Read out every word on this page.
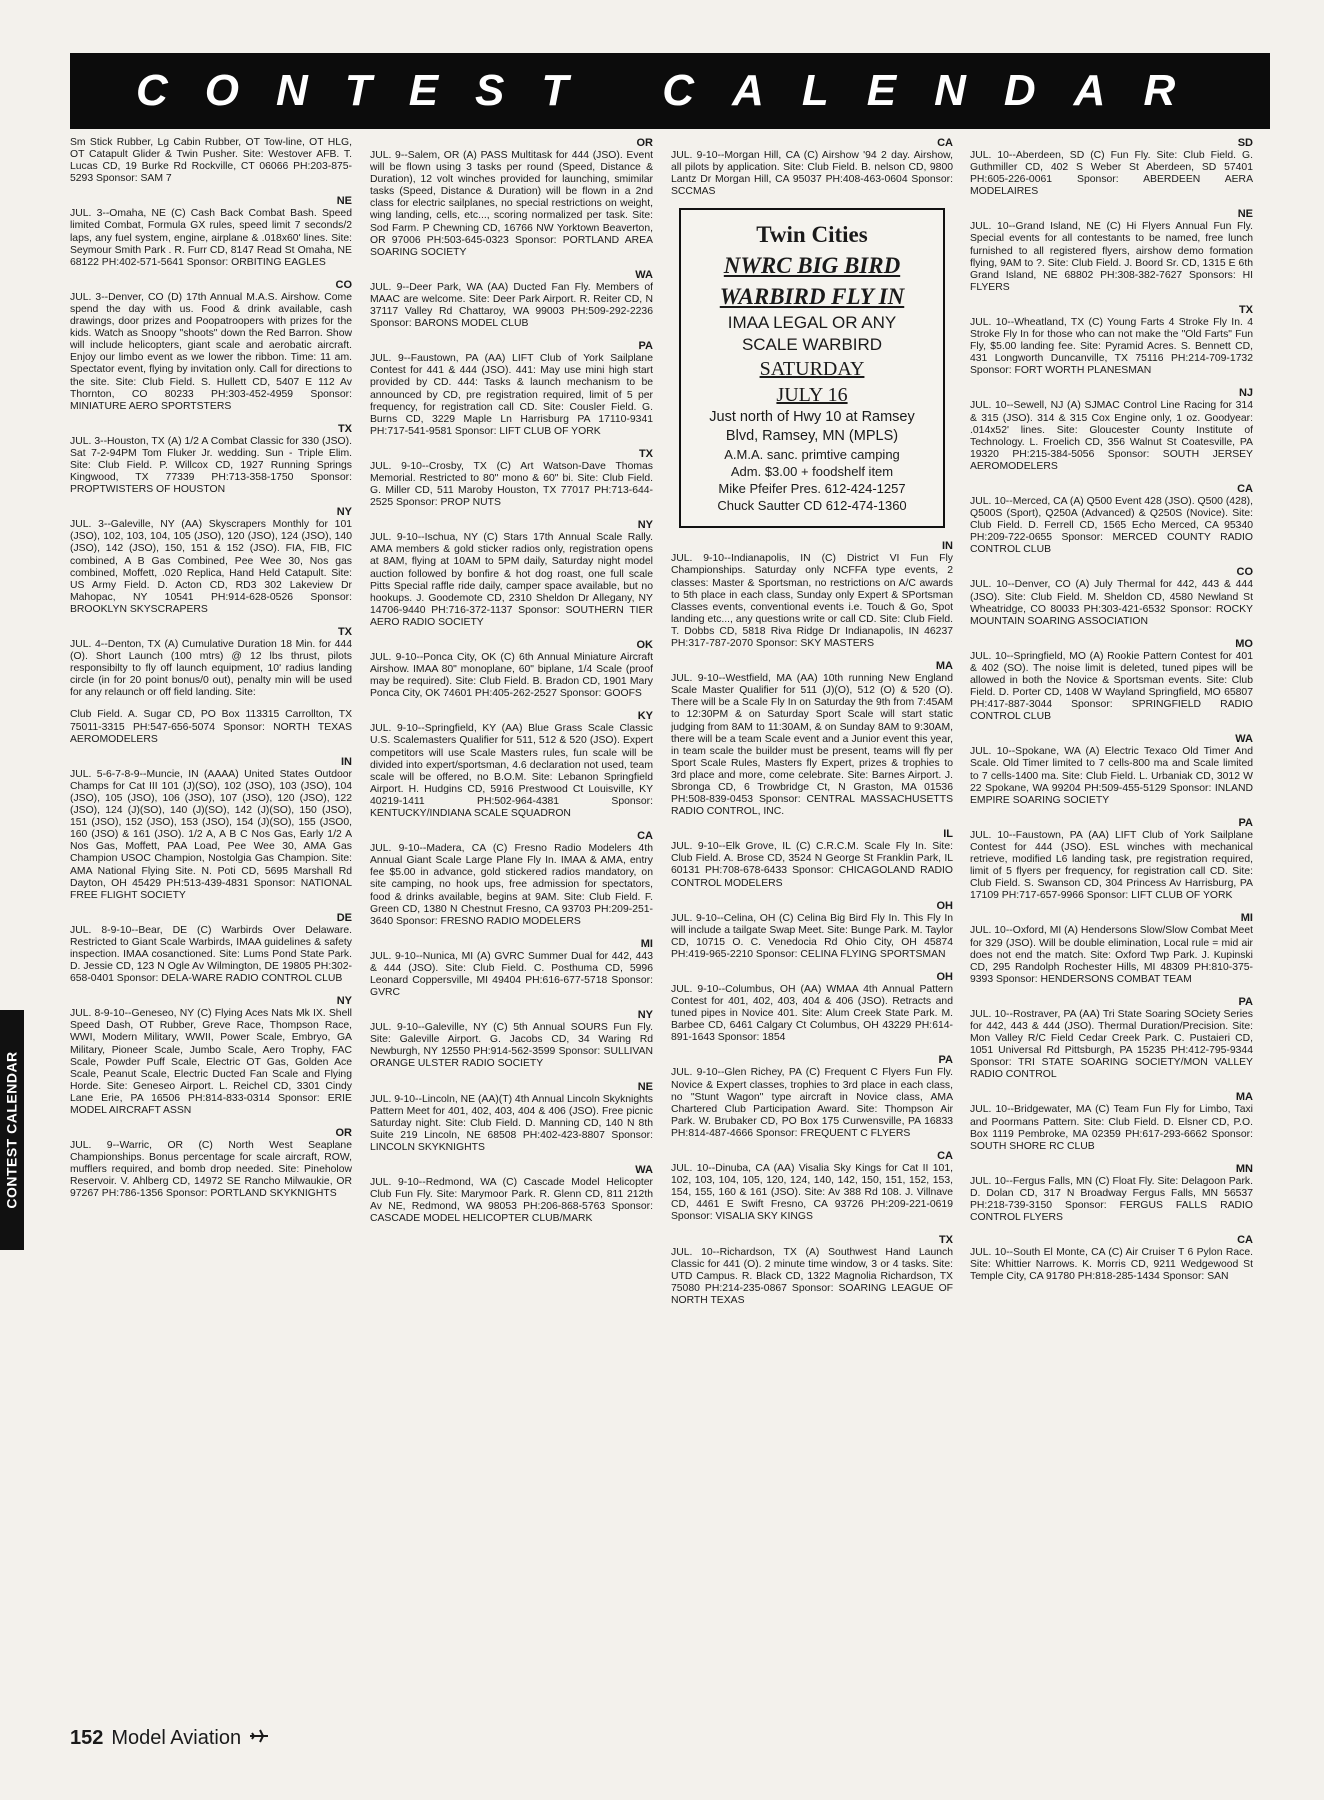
C O N T E S T C A L E N D A R
CONTEST CALENDAR
Sm Stick Rubber, Lg Cabin Rubber, OT Tow-line, OT HLG, OT Catapult Glider & Twin Pusher. Site: Westover AFB. T. Lucas CD, 19 Burke Rd Rockville, CT 06066 PH:203-875-5293 Sponsor: SAM 7
NE
JUL. 3--Omaha, NE (C) Cash Back Combat Bash. Speed limited Combat, Formula GX rules, speed limit 7 seconds/2 laps, any fuel system, engine, airplane & .018x60' lines. Site: Seymour Smith Park . R. Furr CD, 8147 Read St Omaha, NE 68122 PH:402-571-5641 Sponsor: ORBITING EAGLES
CO
JUL. 3--Denver, CO (D) 17th Annual M.A.S. Airshow. Come spend the day with us. Food & drink available, cash drawings, door prizes and Poopatroopers with prizes for the kids. Watch as Snoopy "shoots" down the Red Barron. Show will include helicopters, giant scale and aerobatic aircraft. Enjoy our limbo event as we lower the ribbon. Time: 11 am. Spectator event, flying by invitation only. Call for directions to the site. Site: Club Field. S. Hullett CD, 5407 E 112 Av Thornton, CO 80233 PH:303-452-4959 Sponsor: MINIATURE AERO SPORTSTERS
TX
JUL. 3--Houston, TX (A) 1/2 A Combat Classic for 330 (JSO). Sat 7-2-94PM Tom Fluker Jr. wedding. Sun - Triple Elim. Site: Club Field. P. Willcox CD, 1927 Running Springs Kingwood, TX 77339 PH:713-358-1750 Sponsor: PROPTWISTERS OF HOUSTON
NY
JUL. 3--Galeville, NY (AA) Skyscrapers Monthly for 101 (JSO), 102, 103, 104, 105 (JSO), 120 (JSO), 124 (JSO), 140 (JSO), 142 (JSO), 150, 151 & 152 (JSO). FIA, FIB, FIC combined, A B Gas Combined, Pee Wee 30, Nos gas combined, Moffett, .020 Replica, Hand Held Catapult. Site: US Army Field. D. Acton CD, RD3 302 Lakeview Dr Mahopac, NY 10541 PH:914-628-0526 Sponsor: BROOKLYN SKYSCRAPERS
TX
JUL. 4--Denton, TX (A) Cumulative Duration 18 Min. for 444 (O). Short Launch (100 mtrs) @ 12 lbs thrust, pilots responsibilty to fly off launch equipment, 10' radius landing circle (in for 20 point bonus/0 out), penalty min will be used for any relaunch or off field landing. Site:
Club Field. A. Sugar CD, PO Box 113315 Carrollton, TX 75011-3315 PH:547-656-5074 Sponsor: NORTH TEXAS AEROMODELERS
IN
JUL. 5-6-7-8-9--Muncie, IN (AAAA) United States Outdoor Champs for Cat III 101 (J)(SO), 102 (JSO), 103 (JSO), 104 (JSO), 105 (JSO), 106 (JSO), 107 (JSO), 120 (JSO), 122 (JSO), 124 (J)(SO), 140 (J)(SO), 142 (J)(SO), 150 (JSO), 151 (JSO), 152 (JSO), 153 (JSO), 154 (J)(SO), 155 (JSO0, 160 (JSO) & 161 (JSO). 1/2 A, A B C Nos Gas, Early 1/2 A Nos Gas, Moffett, PAA Load, Pee Wee 30, AMA Gas Champion USOC Champion, Nostolgia Gas Champion. Site: AMA National Flying Site. N. Poti CD, 5695 Marshall Rd Dayton, OH 45429 PH:513-439-4831 Sponsor: NATIONAL FREE FLIGHT SOCIETY
DE
JUL. 8-9-10--Bear, DE (C) Warbirds Over Delaware. Restricted to Giant Scale Warbirds, IMAA guidelines & safety inspection. IMAA cosanctioned. Site: Lums Pond State Park. D. Jessie CD, 123 N Ogle Av Wilmington, DE 19805 PH:302-658-0401 Sponsor: DELA-WARE RADIO CONTROL CLUB
NY
JUL. 8-9-10--Geneseo, NY (C) Flying Aces Nats Mk IX. Shell Speed Dash, OT Rubber, Greve Race, Thompson Race, WWI, Modern Military, WWII, Power Scale, Embryo, GA Military, Pioneer Scale, Jumbo Scale, Aero Trophy, FAC Scale, Powder Puff Scale, Electric OT Gas, Golden Ace Scale, Peanut Scale, Electric Ducted Fan Scale and Flying Horde. Site: Geneseo Airport. L. Reichel CD, 3301 Cindy Lane Erie, PA 16506 PH:814-833-0314 Sponsor: ERIE MODEL AIRCRAFT ASSN
OR
JUL. 9--Warric, OR (C) North West Seaplane Championships. Bonus percentage for scale aircraft, ROW, mufflers required, and bomb drop needed. Site: Pineholow Reservoir. V. Ahlberg CD, 14972 SE Rancho Milwaukie, OR 97267 PH:786-1356 Sponsor: PORTLAND SKYKNIGHTS
OR
JUL. 9--Salem, OR (A) PASS Multitask for 444 (JSO). Event will be flown using 3 tasks per round (Speed, Distance & Duration), 12 volt winches provided for launching, smimilar tasks (Speed, Distance & Duration) will be flown in a 2nd class for electric sailplanes, no special restrictions on weight, wing landing, cells, etc..., scoring normalized per task. Site: Sod Farm. P Chewning CD, 16766 NW Yorktown Beaverton, OR 97006 PH:503-645-0323 Sponsor: PORTLAND AREA SOARING SOCIETY
WA
JUL. 9--Deer Park, WA (AA) Ducted Fan Fly. Members of MAAC are welcome. Site: Deer Park Airport. R. Reiter CD, N 37117 Valley Rd Chattaroy, WA 99003 PH:509-292-2236 Sponsor: BARONS MODEL CLUB
PA
JUL. 9--Faustown, PA (AA) LIFT Club of York Sailplane Contest for 441 & 444 (JSO). 441: May use mini high start provided by CD. 444: Tasks & launch mechanism to be announced by CD, pre registration required, limit of 5 per frequency, for registration call CD. Site: Cousler Field. G. Burns CD, 3229 Maple Ln Harrisburg PA 17110-9341 PH:717-541-9581 Sponsor: LIFT CLUB OF YORK
TX
JUL. 9-10--Crosby, TX (C) Art Watson-Dave Thomas Memorial. Restricted to 80" mono & 60" bi. Site: Club Field. G. Miller CD, 511 Maroby Houston, TX 77017 PH:713-644-2525 Sponsor: PROP NUTS
NY
JUL. 9-10--Ischua, NY (C) Stars 17th Annual Scale Rally. AMA members & gold sticker radios only, registration opens at 8AM, flying at 10AM to 5PM daily, Saturday night model auction followed by bonfire & hot dog roast, one full scale Pitts Special raffle ride daily, camper space available, but no hookups. J. Goodemote CD, 2310 Sheldon Dr Allegany, NY 14706-9440 PH:716-372-1137 Sponsor: SOUTHERN TIER AERO RADIO SOCIETY
OK
JUL. 9-10--Ponca City, OK (C) 6th Annual Miniature Aircraft Airshow. IMAA 80" monoplane, 60" biplane, 1/4 Scale (proof may be required). Site: Club Field. B. Bradon CD, 1901 Mary Ponca City, OK 74601 PH:405-262-2527 Sponsor: GOOFS
KY
JUL. 9-10--Springfield, KY (AA) Blue Grass Scale Classic U.S. Scalemasters Qualifier for 511, 512 & 520 (JSO). Expert competitors will use Scale Masters rules, fun scale will be divided into expert/sportsman, 4.6 declaration not used, team scale will be offered, no B.O.M. Site: Lebanon Springfield Airport. H. Hudgins CD, 5916 Prestwood Ct Louisville, KY 40219-1411 PH:502-964-4381 Sponsor: KENTUCKY/INDIANA SCALE SQUADRON
CA
JUL. 9-10--Madera, CA (C) Fresno Radio Modelers 4th Annual Giant Scale Large Plane Fly In. IMAA & AMA, entry fee $5.00 in advance, gold stickered radios mandatory, on site camping, no hook ups, free admission for spectators, food & drinks available, begins at 9AM. Site: Club Field. F. Green CD, 1380 N Chestnut Fresno, CA 93703 PH:209-251-3640 Sponsor: FRESNO RADIO MODELERS
MI
JUL. 9-10--Nunica, MI (A) GVRC Summer Dual for 442, 443 & 444 (JSO). Site: Club Field. C. Posthuma CD, 5996 Leonard Coppersville, MI 49404 PH:616-677-5718 Sponsor: GVRC
NY
JUL. 9-10--Galeville, NY (C) 5th Annual SOURS Fun Fly. Site: Galeville Airport. G. Jacobs CD, 34 Waring Rd Newburgh, NY 12550 PH:914-562-3599 Sponsor: SULLIVAN ORANGE ULSTER RADIO SOCIETY
NE
JUL. 9-10--Lincoln, NE (AA)(T) 4th Annual Lincoln Skyknights Pattern Meet for 401, 402, 403, 404 & 406 (JSO). Free picnic Saturday night. Site: Club Field. D. Manning CD, 140 N 8th Suite 219 Lincoln, NE 68508 PH:402-423-8807 Sponsor: LINCOLN SKYKNIGHTS
WA
JUL. 9-10--Redmond, WA (C) Cascade Model Helicopter Club Fun Fly. Site: Marymoor Park. R. Glenn CD, 811 212th Av NE, Redmond, WA 98053 PH:206-868-5763 Sponsor: CASCADE MODEL HELICOPTER CLUB/MARK
CA
JUL. 9-10--Morgan Hill, CA (C) Airshow '94 2 day. Airshow, all pilots by application. Site: Club Field. B. nelson CD, 9800 Lantz Dr Morgan Hill, CA 95037 PH:408-463-0604 Sponsor: SCCMAS
Twin Cities
NWRC BIG BIRD
WARBIRD FLY IN
IMAA LEGAL OR ANY
SCALE WARBIRD
SATURDAY
JULY 16
Just north of Hwy 10 at Ramsey
Blvd, Ramsey, MN (MPLS)
A.M.A. sanc. primtive camping
Adm. $3.00 + foodshelf item
Mike Pfeifer Pres. 612-424-1257
Chuck Sautter CD 612-474-1360
IN
JUL. 9-10--Indianapolis, IN (C) District VI Fun Fly Championships. Saturday only NCFFA type events, 2 classes: Master & Sportsman, no restrictions on A/C awards to 5th place in each class, Sunday only Expert & SPortsman Classes events, conventional events i.e. Touch & Go, Spot landing etc..., any questions write or call CD. Site: Club Field. T. Dobbs CD, 5818 Riva Ridge Dr Indianapolis, IN 46237 PH:317-787-2070 Sponsor: SKY MASTERS
MA
JUL. 9-10--Westfield, MA (AA) 10th running New England Scale Master Qualifier for 511 (J)(O), 512 (O) & 520 (O). There will be a Scale Fly In on Saturday the 9th from 7:45AM to 12:30PM & on Saturday Sport Scale will start static judging from 8AM to 11:30AM, & on Sunday 8AM to 9:30AM, there will be a team Scale event and a Junior event this year, in team scale the builder must be present, teams will fly per Sport Scale Rules, Masters fly Expert, prizes & trophies to 3rd place and more, come celebrate. Site: Barnes Airport. J. Sbronga CD, 6 Trowbridge Ct, N Graston, MA 01536 PH:508-839-0453 Sponsor: CENTRAL MASSACHUSETTS RADIO CONTROL, INC.
IL
JUL. 9-10--Elk Grove, IL (C) C.R.C.M. Scale Fly In. Site: Club Field. A. Brose CD, 3524 N George St Franklin Park, IL 60131 PH:708-678-6433 Sponsor: CHICAGOLAND RADIO CONTROL MODELERS
OH
JUL. 9-10--Celina, OH (C) Celina Big Bird Fly In. This Fly In will include a tailgate Swap Meet. Site: Bunge Park. M. Taylor CD, 10715 O. C. Venedocia Rd Ohio City, OH 45874 PH:419-965-2210 Sponsor: CELINA FLYING SPORTSMAN
OH
JUL. 9-10--Columbus, OH (AA) WMAA 4th Annual Pattern Contest for 401, 402, 403, 404 & 406 (JSO). Retracts and tuned pipes in Novice 401. Site: Alum Creek State Park. M. Barbee CD, 6461 Calgary Ct Columbus, OH 43229 PH:614-891-1643 Sponsor: 1854
PA
JUL. 9-10--Glen Richey, PA (C) Frequent C Flyers Fun Fly. Novice & Expert classes, trophies to 3rd place in each class, no "Stunt Wagon" type aircraft in Novice class, AMA Chartered Club Participation Award. Site: Thompson Air Park. W. Brubaker CD, PO Box 175 Curwensville, PA 16833 PH:814-487-4666 Sponsor: FREQUENT C FLYERS
CA
JUL. 10--Dinuba, CA (AA) Visalia Sky Kings for Cat II 101, 102, 103, 104, 105, 120, 124, 140, 142, 150, 151, 152, 153, 154, 155, 160 & 161 (JSO). Site: Av 388 Rd 108. J. Villnave CD, 4461 E Swift Fresno, CA 93726 PH:209-221-0619 Sponsor: VISALIA SKY KINGS
TX
JUL. 10--Richardson, TX (A) Southwest Hand Launch Classic for 441 (O). 2 minute time window, 3 or 4 tasks. Site: UTD Campus. R. Black CD, 1322 Magnolia Richardson, TX 75080 PH:214-235-0867 Sponsor: SOARING LEAGUE OF NORTH TEXAS
SD
JUL. 10--Aberdeen, SD (C) Fun Fly. Site: Club Field. G. Guthmiller CD, 402 S Weber St Aberdeen, SD 57401 PH:605-226-0061 Sponsor: ABERDEEN AERA MODELAIRES
NE
JUL. 10--Grand Island, NE (C) Hi Flyers Annual Fun Fly. Special events for all contestants to be named, free lunch furnished to all registered flyers, airshow demo formation flying, 9AM to ?. Site: Club Field. J. Boord Sr. CD, 1315 E 6th Grand Island, NE 68802 PH:308-382-7627 Sponsors: HI FLYERS
TX
JUL. 10--Wheatland, TX (C) Young Farts 4 Stroke Fly In. 4 Stroke Fly In for those who can not make the "Old Farts" Fun Fly, $5.00 landing fee. Site: Pyramid Acres. S. Bennett CD, 431 Longworth Duncanville, TX 75116 PH:214-709-1732 Sponsor: FORT WORTH PLANESMAN
NJ
JUL. 10--Sewell, NJ (A) SJMAC Control Line Racing for 314 & 315 (JSO). 314 & 315 Cox Engine only, 1 oz. Goodyear: .014x52' lines. Site: Gloucester County Institute of Technology. L. Froelich CD, 356 Walnut St Coatesville, PA 19320 PH:215-384-5056 Sponsor: SOUTH JERSEY AEROMODELERS
CA
JUL. 10--Merced, CA (A) Q500 Event 428 (JSO). Q500 (428), Q500S (Sport), Q250A (Advanced) & Q250S (Novice). Site: Club Field. D. Ferrell CD, 1565 Echo Merced, CA 95340 PH:209-722-0655 Sponsor: MERCED COUNTY RADIO CONTROL CLUB
CO
JUL. 10--Denver, CO (A) July Thermal for 442, 443 & 444 (JSO). Site: Club Field. M. Sheldon CD, 4580 Newland St Wheatridge, CO 80033 PH:303-421-6532 Sponsor: ROCKY MOUNTAIN SOARING ASSOCIATION
MO
JUL. 10--Springfield, MO (A) Rookie Pattern Contest for 401 & 402 (SO). The noise limit is deleted, tuned pipes will be allowed in both the Novice & Sportsman events. Site: Club Field. D. Porter CD, 1408 W Wayland Springfield, MO 65807 PH:417-887-3044 Sponsor: SPRINGFIELD RADIO CONTROL CLUB
WA
JUL. 10--Spokane, WA (A) Electric Texaco Old Timer And Scale. Old Timer limited to 7 cells-800 ma and Scale limited to 7 cells-1400 ma. Site: Club Field. L. Urbaniak CD, 3012 W 22 Spokane, WA 99204 PH:509-455-5129 Sponsor: INLAND EMPIRE SOARING SOCIETY
PA
JUL. 10--Faustown, PA (AA) LIFT Club of York Sailplane Contest for 444 (JSO). ESL winches with mechanical retrieve, modified L6 landing task, pre registration required, limit of 5 flyers per frequency, for registration call CD. Site: Club Field. S. Swanson CD, 304 Princess Av Harrisburg, PA 17109 PH:717-657-9966 Sponsor: LIFT CLUB OF YORK
MI
JUL. 10--Oxford, MI (A) Hendersons Slow/Slow Combat Meet for 329 (JSO). Will be double elimination, Local rule = mid air does not end the match. Site: Oxford Twp Park. J. Kupinski CD, 295 Randolph Rochester Hills, MI 48309 PH:810-375-9393 Sponsor: HENDERSONS COMBAT TEAM
PA
JUL. 10--Rostraver, PA (AA) Tri State Soaring SOciety Series for 442, 443 & 444 (JSO). Thermal Duration/Precision. Site: Mon Valley R/C Field Cedar Creek Park. C. Pustaieri CD, 1051 Universal Rd Pittsburgh, PA 15235 PH:412-795-9344 Sponsor: TRI STATE SOARING SOCIETY/MON VALLEY RADIO CONTROL
MA
JUL. 10--Bridgewater, MA (C) Team Fun Fly for Limbo, Taxi and Poormans Pattern. Site: Club Field. D. Elsner CD, P.O. Box 1119 Pembroke, MA 02359 PH:617-293-6662 Sponsor: SOUTH SHORE RC CLUB
MN
JUL. 10--Fergus Falls, MN (C) Float Fly. Site: Delagoon Park. D. Dolan CD, 317 N Broadway Fergus Falls, MN 56537 PH:218-739-3150 Sponsor: FERGUS FALLS RADIO CONTROL FLYERS
CA
JUL. 10--South El Monte, CA (C) Air Cruiser T 6 Pylon Race. Site: Whittier Narrows. K. Morris CD, 9211 Wedgewood St Temple City, CA 91780 PH:818-285-1434 Sponsor: SAN
152 Model Aviation
